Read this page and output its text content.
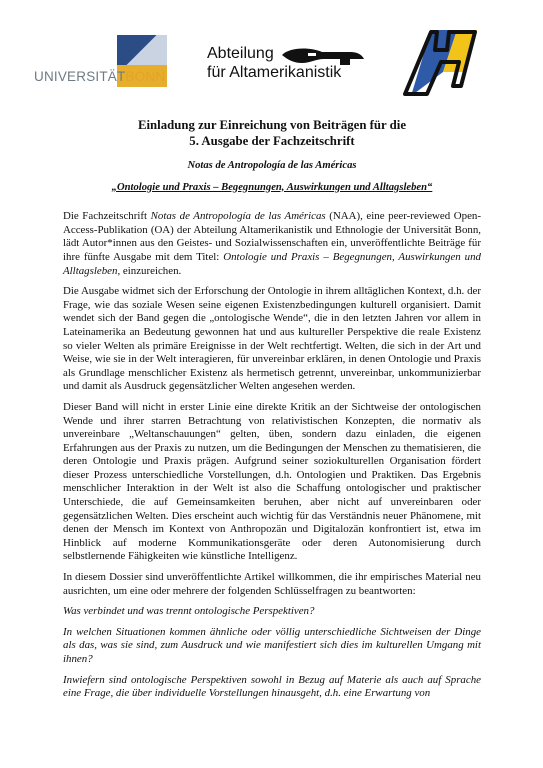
UNIVERSITÄTBONN
Abteilung
für Altamerikanistik
Einladung zur Einreichung von Beiträgen für die
5. Ausgabe der Fachzeitschrift
Notas de Antropología de las Américas
„Ontologie und Praxis – Begegnungen, Auswirkungen und Alltagsleben“

Die Fachzeitschrift Notas de Antropología de las Américas (NAA), eine peer-reviewed Open-Access-Publikation (OA) der Abteilung Altamerikanistik und Ethnologie der Universität Bonn, lädt Autor*innen aus den Geistes- und Sozialwissenschaften ein, unveröffentlichte Beiträge für ihre fünfte Ausgabe mit dem Titel: Ontologie und Praxis – Begegnungen, Auswirkungen und Alltagsleben, einzureichen.

Die Ausgabe widmet sich der Erforschung der Ontologie in ihrem alltäglichen Kontext, d.h. der Frage, wie das soziale Wesen seine eigenen Existenzbedingungen kulturell organisiert. Damit wendet sich der Band gegen die „ontologische Wende“, die in den letzten Jahren vor allem in Lateinamerika an Bedeutung gewonnen hat und aus kultureller Perspektive die reale Existenz so vieler Welten als primäre Ereignisse in der Welt rechtfertigt. Welten, die sich in der Art und Weise, wie sie in der Welt interagieren, für unvereinbar erklären, in denen Ontologie und Praxis als Grundlage menschlicher Existenz als hermetisch getrennt, unvereinbar, unkommunizierbar und damit als Ausdruck gegensätzlicher Welten angesehen werden.

Dieser Band will nicht in erster Linie eine direkte Kritik an der Sichtweise der ontologischen Wende und ihrer starren Betrachtung von relativistischen Konzepten, die normativ als unvereinbare „Weltanschauungen“ gelten, üben, sondern dazu einladen, die eigenen Erfahrungen aus der Praxis zu nutzen, um die Bedingungen der Menschen zu thematisieren, die deren Ontologie und Praxis prägen. Aufgrund seiner soziokulturellen Organisation fördert dieser Prozess unterschiedliche Vorstellungen, d.h. Ontologien und Praktiken. Das Ergebnis menschlicher Interaktion in der Welt ist also die Schaffung ontologischer und praktischer Unterschiede, die auf Gemeinsamkeiten beruhen, aber nicht auf unvereinbaren oder gegensätzlichen Welten. Dies erscheint auch wichtig für das Verständnis neuer Phänomene, mit denen der Mensch im Kontext von Anthropozän und Digitalozän konfrontiert ist, etwa im Hinblick auf moderne Kommunikationsgeräte oder deren Autonomisierung durch selbstlernende Fähigkeiten wie künstliche Intelligenz.

In diesem Dossier sind unveröffentlichte Artikel willkommen, die ihr empirisches Material neu ausrichten, um eine oder mehrere der folgenden Schlüsselfragen zu beantworten:

Was verbindet und was trennt ontologische Perspektiven?

In welchen Situationen kommen ähnliche oder völlig unterschiedliche Sichtweisen der Dinge als das, was sie sind, zum Ausdruck und wie manifestiert sich dies im kulturellen Umgang mit ihnen?

Inwiefern sind ontologische Perspektiven sowohl in Bezug auf Materie als auch auf Sprache eine Frage, die über individuelle Vorstellungen hinausgeht, d.h. eine Erwartung von
